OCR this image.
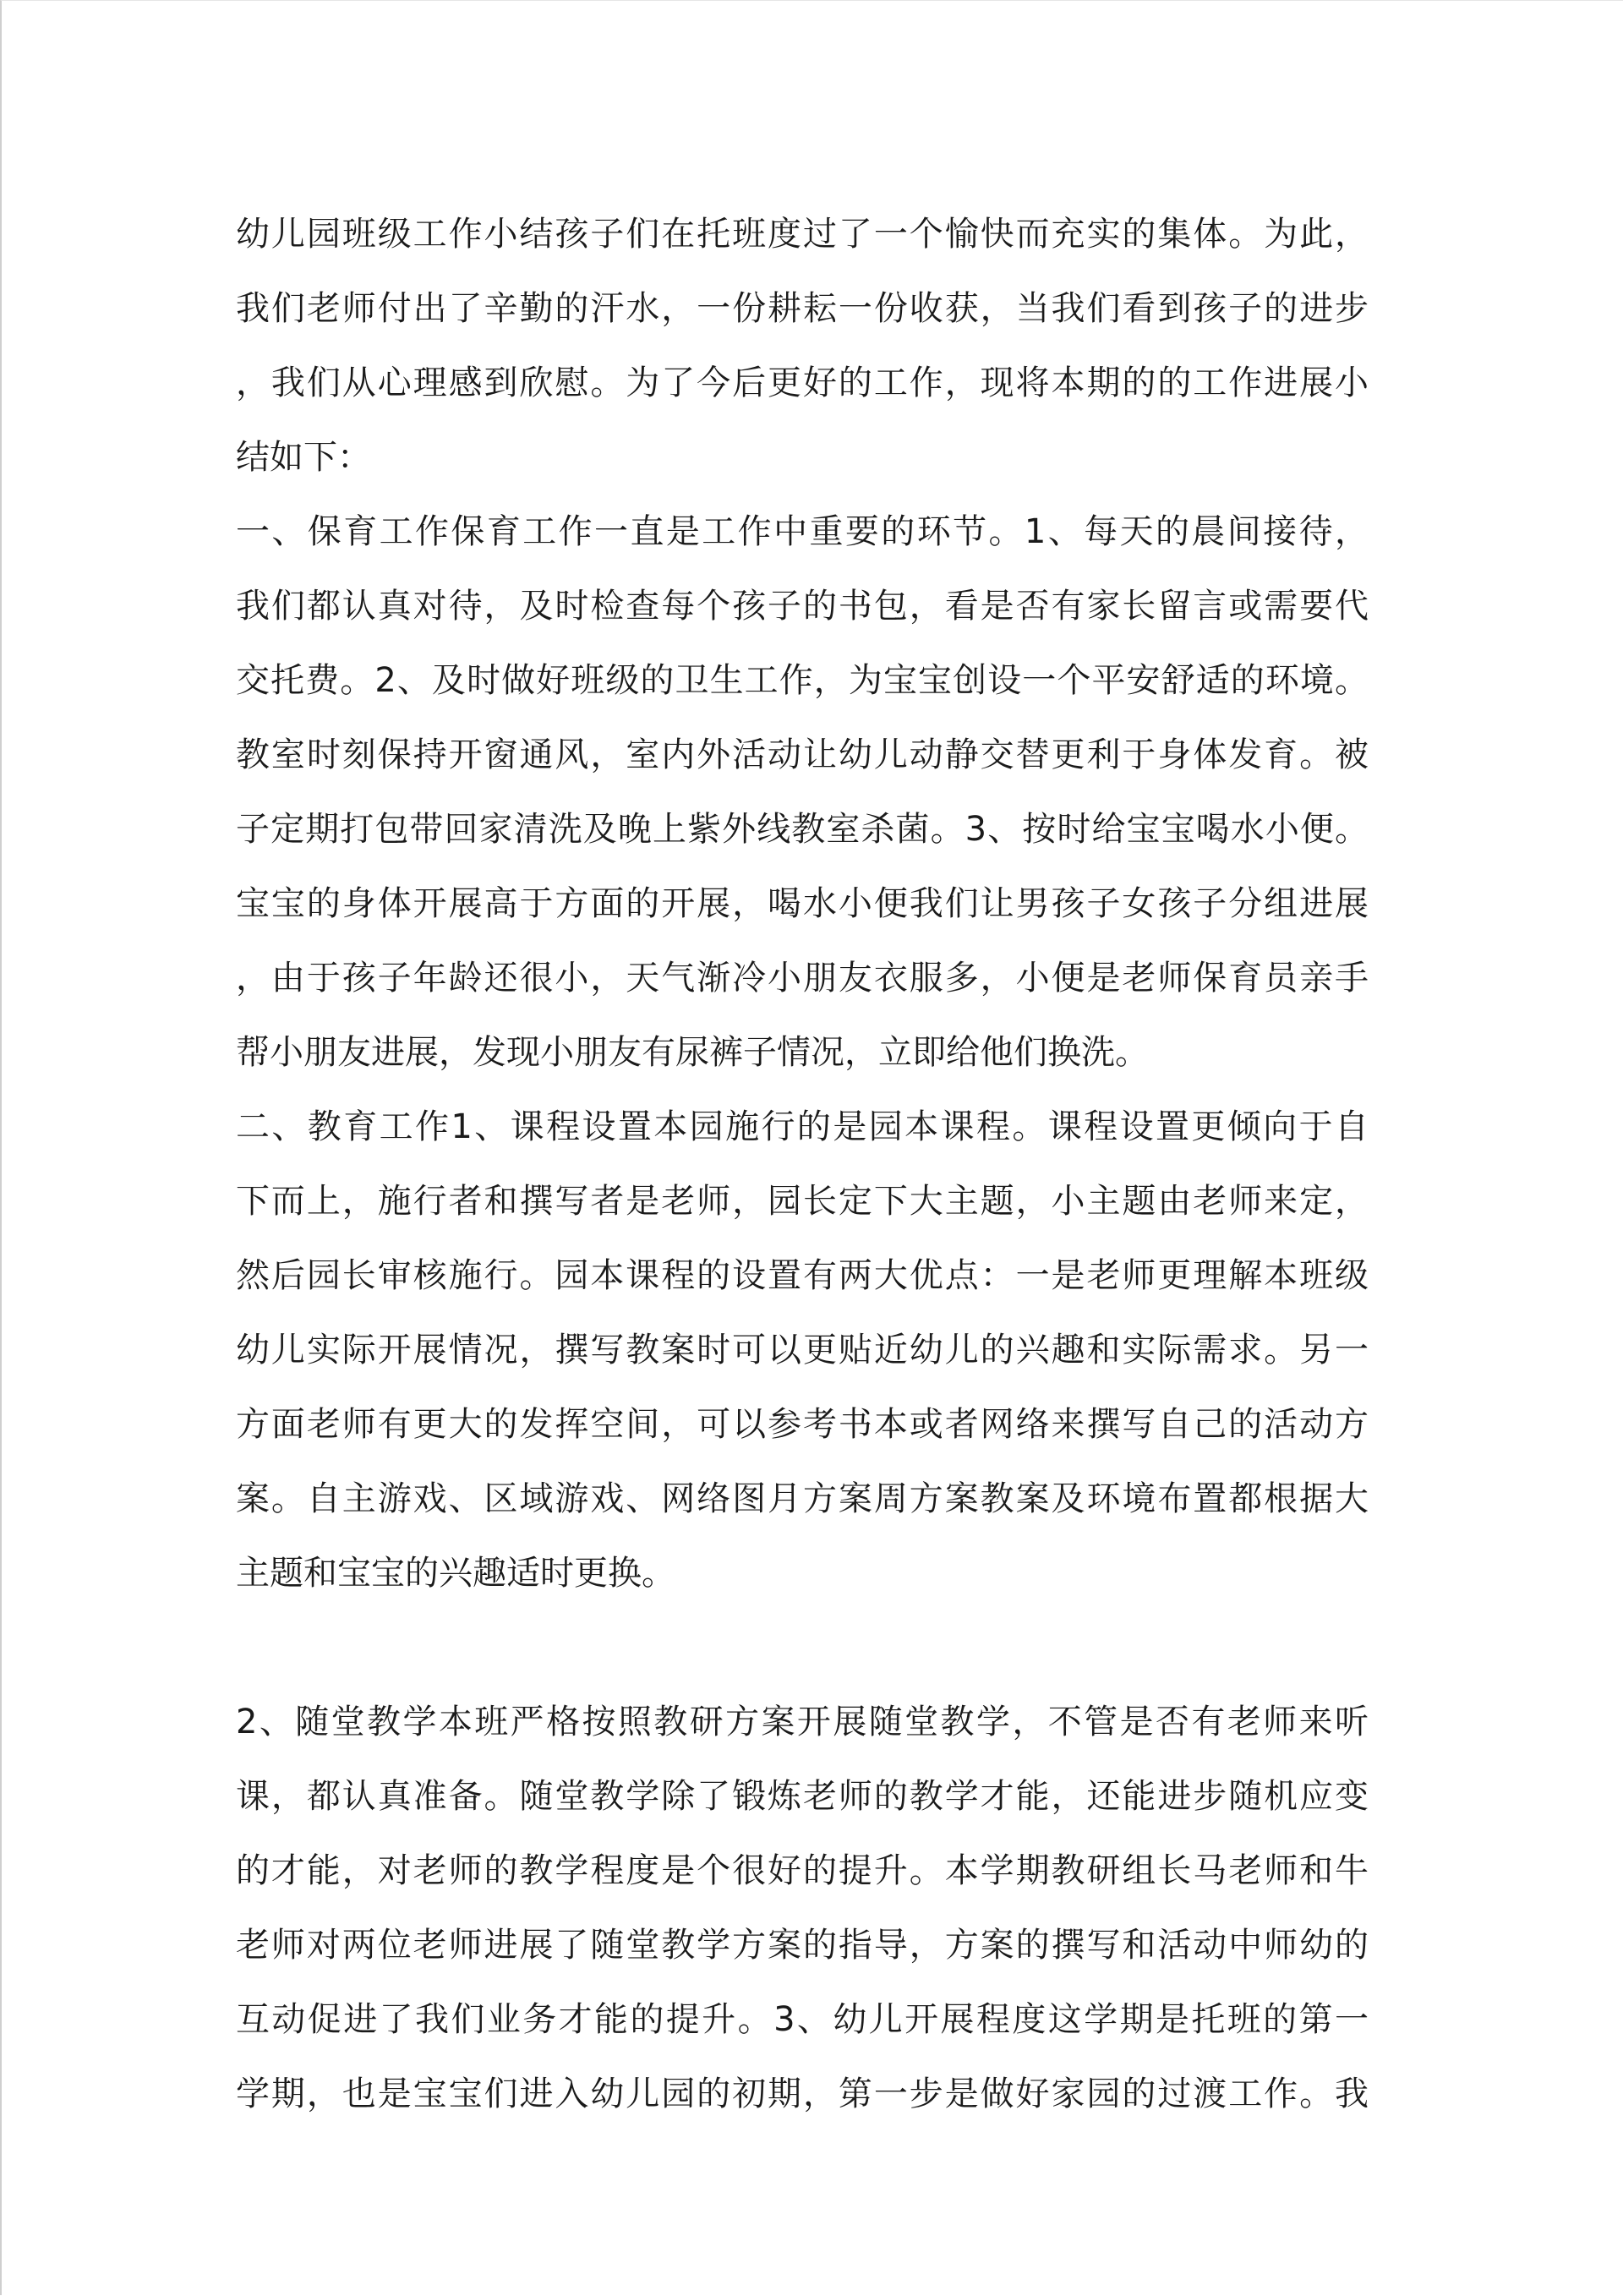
幼儿园班级工作小结孩子们在托班度过了一个愉快而充实的集体。为此，
我们老师付出了辛勤的汗水，一份耕耘一份收获，当我们看到孩子的进步
，我们从心理感到欣慰。为了今后更好的工作，现将本期的的工作进展小
结如下：
一、保育工作保育工作一直是工作中重要的环节。1、每天的晨间接待，
我们都认真对待，及时检查每个孩子的书包，看是否有家长留言或需要代
交托费。2、及时做好班级的卫生工作，为宝宝创设一个平安舒适的环境。
教室时刻保持开窗通风，室内外活动让幼儿动静交替更利于身体发育。被
子定期打包带回家清洗及晚上紫外线教室杀菌。3、按时给宝宝喝水小便。
宝宝的身体开展高于方面的开展，喝水小便我们让男孩子女孩子分组进展
，由于孩子年龄还很小，天气渐冷小朋友衣服多，小便是老师保育员亲手
帮小朋友进展，发现小朋友有尿裤子情况，立即给他们换洗。
二、教育工作1、课程设置本园施行的是园本课程。课程设置更倾向于自
下而上，施行者和撰写者是老师，园长定下大主题，小主题由老师来定，
然后园长审核施行。园本课程的设置有两大优点：一是老师更理解本班级
幼儿实际开展情况，撰写教案时可以更贴近幼儿的兴趣和实际需求。另一
方面老师有更大的发挥空间，可以参考书本或者网络来撰写自己的活动方
案。自主游戏、区域游戏、网络图月方案周方案教案及环境布置都根据大
主题和宝宝的兴趣适时更换。
2、随堂教学本班严格按照教研方案开展随堂教学，不管是否有老师来听
课，都认真准备。随堂教学除了锻炼老师的教学才能，还能进步随机应变
的才能，对老师的教学程度是个很好的提升。本学期教研组长马老师和牛
老师对两位老师进展了随堂教学方案的指导，方案的撰写和活动中师幼的
互动促进了我们业务才能的提升。3、幼儿开展程度这学期是托班的第一
学期，也是宝宝们进入幼儿园的初期，第一步是做好家园的过渡工作。我
